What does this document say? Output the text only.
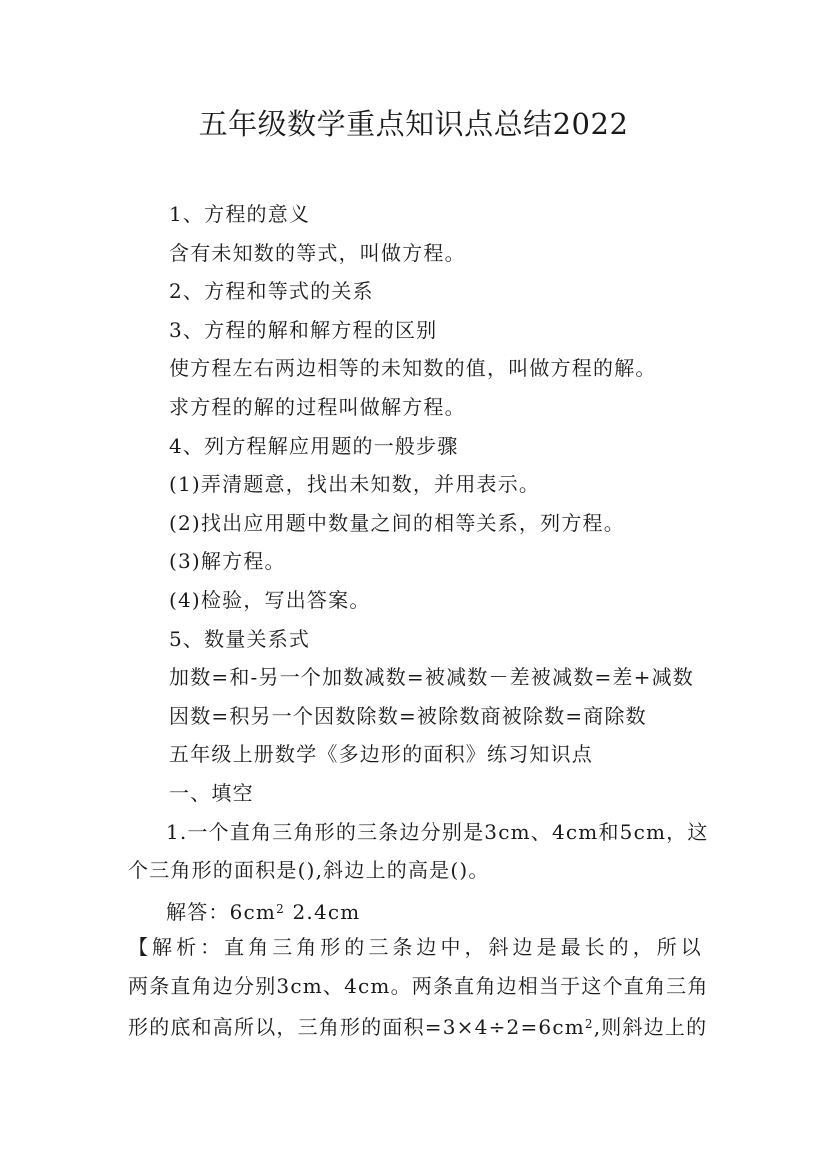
五年级数学重点知识点总结2022
1、方程的意义
含有未知数的等式，叫做方程。
2、方程和等式的关系
3、方程的解和解方程的区别
使方程左右两边相等的未知数的值，叫做方程的解。
求方程的解的过程叫做解方程。
4、列方程解应用题的一般步骤
(1)弄清题意，找出未知数，并用表示。
(2)找出应用题中数量之间的相等关系，列方程。
(3)解方程。
(4)检验，写出答案。
5、数量关系式
加数=和-另一个加数减数=被减数－差被减数=差+减数
因数=积另一个因数除数=被除数商被除数=商除数
五年级上册数学《多边形的面积》练习知识点
一、填空
1.一个直角三角形的三条边分别是3cm、4cm和5cm，这
个三角形的面积是(),斜边上的高是()。
解答：$6cm^2$ 2.4cm
【解析：直角三角形的三条边中，斜边是最长的，所以
两条直角边分别3cm、4cm。两条直角边相当于这个直角三角
形的底和高所以，三角形的面积$=3\times 4\div 2=6cm^2$,则斜边上的
